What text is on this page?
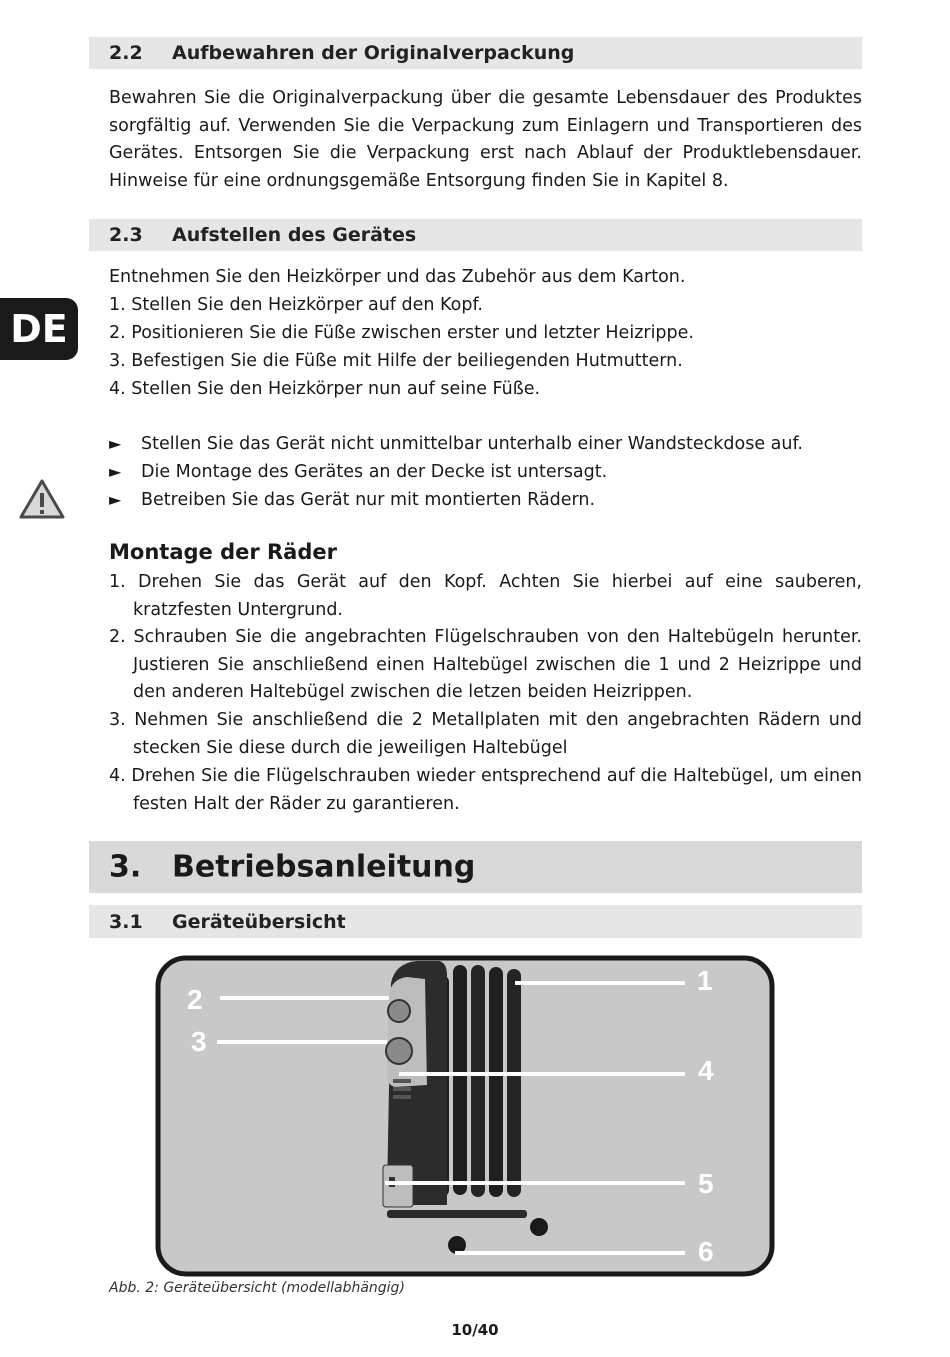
DE
2.2 Aufbewahren der Originalverpackung

Bewahren Sie die Originalverpackung über die gesamte Lebensdauer des Produktes sorgfältig auf. Verwenden Sie die Verpackung zum Einlagern und Transportieren des Gerätes. Entsorgen Sie die Verpackung erst nach Ablauf der Produktlebensdauer. Hinweise für eine ordnungsgemäße Entsorgung finden Sie in Kapitel 8.

2.3 Aufstellen des Gerätes
Entnehmen Sie den Heizkörper und das Zubehör aus dem Karton.
1. Stellen Sie den Heizkörper auf den Kopf.
2. Positionieren Sie die Füße zwischen erster und letzter Heizrippe.
3. Befestigen Sie die Füße mit Hilfe der beiliegenden Hutmuttern.
4. Stellen Sie den Heizkörper nun auf seine Füße.
► Stellen Sie das Gerät nicht unmittelbar unterhalb einer Wandsteckdose auf.
► Die Montage des Gerätes an der Decke ist untersagt.
► Betreiben Sie das Gerät nur mit montierten Rädern.
Montage der Räder
1. Drehen Sie das Gerät auf den Kopf. Achten Sie hierbei auf eine sauberen, kratzfesten Untergrund.
2. Schrauben Sie die angebrachten Flügelschrauben von den Haltebügeln herunter. Justieren Sie anschließend einen Haltebügel zwischen die 1 und 2 Heizrippe und den anderen Haltebügel zwischen die letzen beiden Heizrippen.
3. Nehmen Sie anschließend die 2 Metallplaten mit den angebrachten Rädern und stecken Sie diese durch die jeweiligen Haltebügel
4. Drehen Sie die Flügelschrauben wieder entsprechend auf die Haltebügel, um einen festen Halt der Räder zu garantieren.
3. Betriebsanleitung
3.1 Geräteübersicht
1
2
3
4
5
6
Abb. 2: Geräteübersicht (modellabhängig)
10/40
